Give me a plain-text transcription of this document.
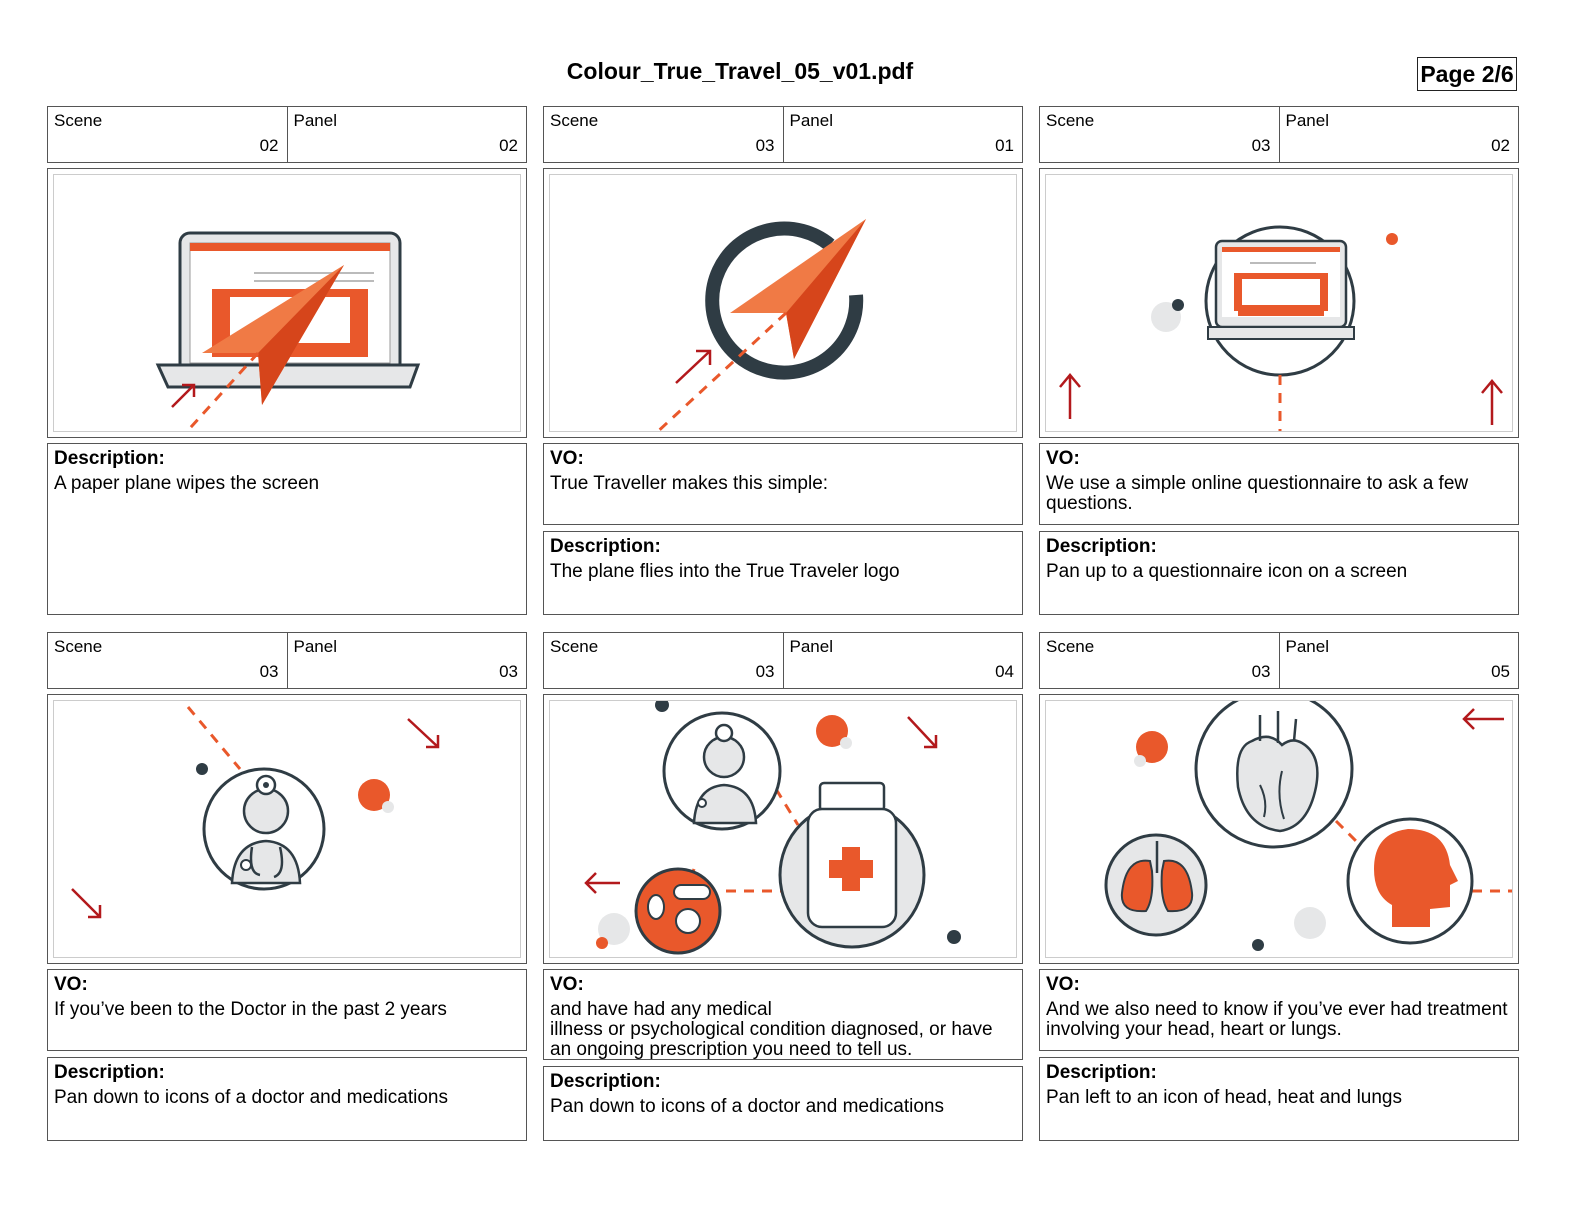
Colour_True_Travel_05_v01.pdf	Page 2/6
Scene
02
Panel
02
Description:
A paper plane wipes the screen
Scene
03
Panel
01
VO:
True Traveller makes this simple:
Description:
The plane flies into the True Traveler logo
Scene
03
Panel
02
VO:
We use a simple online questionnaire to ask a few questions.
Description:
Pan up to a questionnaire icon on a screen
Scene
03
Panel
03
VO:
If you’ve been to the Doctor in the past 2 years
Description:
Pan down to icons of a doctor and medications
Scene
03
Panel
04
VO:
and have had any medical
illness or psychological condition diagnosed, or have an ongoing prescription you need to tell us.
Description:
Pan down to icons of a doctor and medications
Scene
03
Panel
05
VO:
And we also need to know if you’ve ever had treatment involving your head, heart or lungs.
Description:
Pan left to an icon of head, heat and lungs
